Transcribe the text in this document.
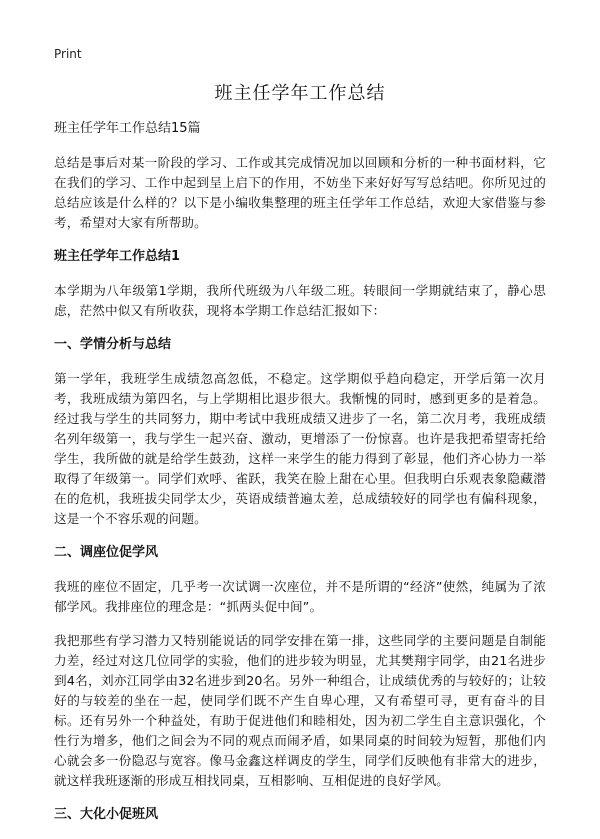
Print
班主任学年工作总结
班主任学年工作总结15篇

总结是事后对某一阶段的学习、工作或其完成情况加以回顾和分析的一种书面材料，它在我们的学习、工作中起到呈上启下的作用，不妨坐下来好好写写总结吧。你所见过的总结应该是什么样的？以下是小编收集整理的班主任学年工作总结，欢迎大家借鉴与参考，希望对大家有所帮助。

班主任学年工作总结1

本学期为八年级第1学期，我所代班级为八年级二班。转眼间一学期就结束了，静心思虑，茫然中似又有所收获，现将本学期工作总结汇报如下：

一、学情分析与总结

第一学年，我班学生成绩忽高忽低，不稳定。这学期似乎趋向稳定，开学后第一次月考，我班成绩为第四名，与上学期相比退步很大。我惭愧的同时，感到更多的是着急。经过我与学生的共同努力，期中考试中我班成绩又进步了一名，第二次月考，我班成绩名列年级第一，我与学生一起兴奋、激动，更增添了一份惊喜。也许是我把希望寄托给学生，我所做的就是给学生鼓劲，这样一来学生的能力得到了彰显，他们齐心协力一举取得了年级第一。同学们欢呼、雀跃，我笑在脸上甜在心里。但我明白乐观表象隐藏潜在的危机，我班拔尖同学太少，英语成绩普遍太差，总成绩较好的同学也有偏科现象，这是一个不容乐观的问题。

二、调座位促学风

我班的座位不固定，几乎考一次试调一次座位，并不是所谓的“经济”使然，纯属为了浓郁学风。我排座位的理念是：“抓两头促中间”。

我把那些有学习潜力又特别能说话的同学安排在第一排，这些同学的主要问题是自制能力差，经过对这几位同学的实验，他们的进步较为明显，尤其樊翔宇同学，由21名进步到4名，刘亦江同学由32名进步到20名。另外一种组合，让成绩优秀的与较好的；让较好的与较差的坐在一起，使同学们既不产生自卑心理，又有希望可寻，更有奋斗的目标。还有另外一个种益处，有助于促进他们和睦相处，因为初二学生自主意识强化，个性行为增多，他们之间会为不同的观点而闹矛盾，如果同桌的时间较为短暂，那他们内心就会多一份隐忍与宽容。像马金鑫这样调皮的学生，同学们反映他有非常大的进步，就这样我班逐渐的形成互相找同桌，互相影响、互相促进的良好学风。

三、大化小促班风
